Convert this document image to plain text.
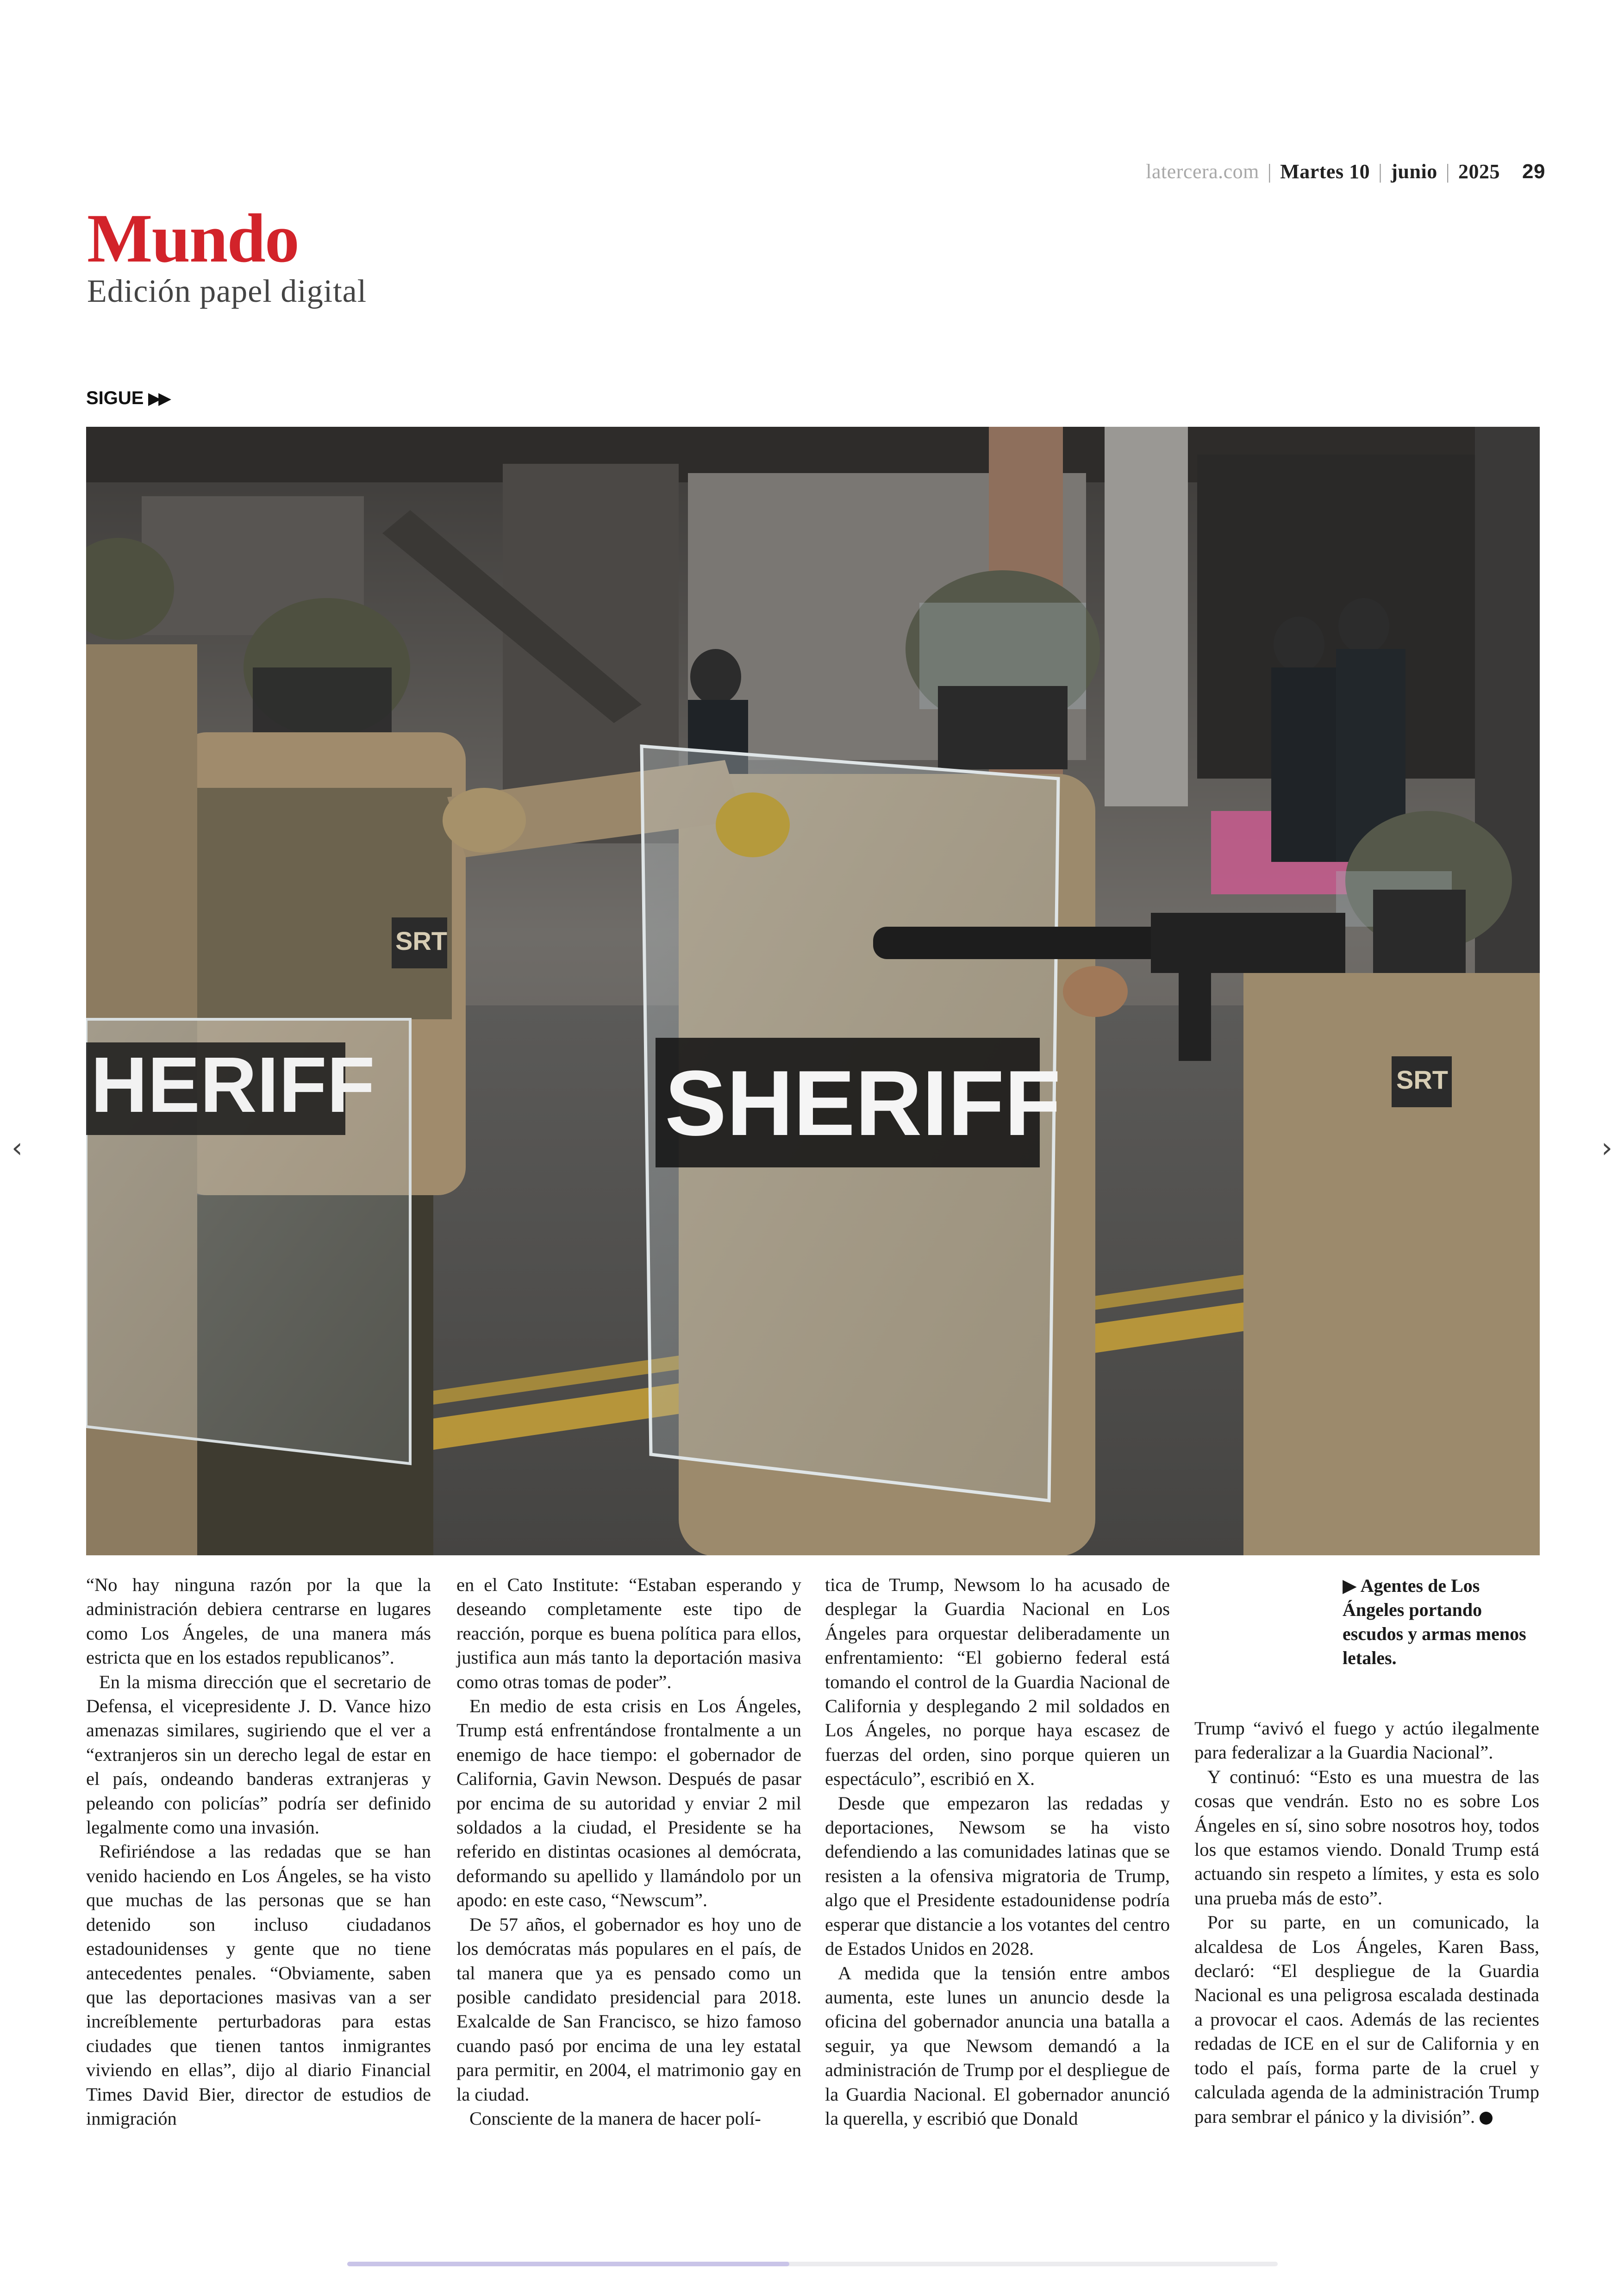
latercera.com | Martes 10 | junio | 2025 29
Mundo
Edición papel digital
SIGUE ▶▶
HERIFF
SRT
SHERIFF	SRT
‹	›

“No hay ninguna razón por la que la administración debiera centrarse en lugares como Los Ángeles, de una manera más estricta que en los estados republicanos”.

En la misma dirección que el secretario de Defensa, el vicepresidente J. D. Vance hizo amenazas similares, sugiriendo que el ver a “extranjeros sin un derecho legal de estar en el país, ondeando banderas extranjeras y peleando con policías” podría ser definido legalmente como una invasión.

Refiriéndose a las redadas que se han venido haciendo en Los Ángeles, se ha visto que muchas de las personas que se han detenido son incluso ciudadanos estadounidenses y gente que no tiene antecedentes penales. “Obviamente, saben que las deportaciones masivas van a ser increíblemente perturbadoras para estas ciudades que tienen tantos inmigrantes viviendo en ellas”, dijo al diario Financial Times David Bier, director de estudios de inmigración

en el Cato Institute: “Estaban esperando y deseando completamente este tipo de reacción, porque es buena política para ellos, justifica aun más tanto la deportación masiva como otras tomas de poder”.

En medio de esta crisis en Los Ángeles, Trump está enfrentándose frontalmente a un enemigo de hace tiempo: el gobernador de California, Gavin Newson. Después de pasar por encima de su autoridad y enviar 2 mil soldados a la ciudad, el Presidente se ha referido en distintas ocasiones al demócrata, deformando su apellido y llamándolo por un apodo: en este caso, “Newscum”.

De 57 años, el gobernador es hoy uno de los demócratas más populares en el país, de tal manera que ya es pensado como un posible candidato presidencial para 2018. Exalcalde de San Francisco, se hizo famoso cuando pasó por encima de una ley estatal para permitir, en 2004, el matrimonio gay en la ciudad.

Consciente de la manera de hacer polí-

tica de Trump, Newsom lo ha acusado de desplegar la Guardia Nacional en Los Ángeles para orquestar deliberadamente un enfrentamiento: “El gobierno federal está tomando el control de la Guardia Nacional de California y desplegando 2 mil soldados en Los Ángeles, no porque haya escasez de fuerzas del orden, sino porque quieren un espectáculo”, escribió en X.

Desde que empezaron las redadas y deportaciones, Newsom se ha visto defendiendo a las comunidades latinas que se resisten a la ofensiva migratoria de Trump, algo que el Presidente estadounidense podría esperar que distancie a los votantes del centro de Estados Unidos en 2028.

A medida que la tensión entre ambos aumenta, este lunes un anuncio desde la oficina del gobernador anuncia una batalla a seguir, ya que Newsom demandó a la administración de Trump por el despliegue de la Guardia Nacional. El gobernador anunció la querella, y escribió que Donald

▶ Agentes de Los Ángeles portando escudos y armas menos letales.

Trump “avivó el fuego y actúo ilegalmente para federalizar a la Guardia Nacional”.

Y continuó: “Esto es una muestra de las cosas que vendrán. Esto no es sobre Los Ángeles en sí, sino sobre nosotros hoy, todos los que estamos viendo. Donald Trump está actuando sin respeto a límites, y esta es solo una prueba más de esto”.

Por su parte, en un comunicado, la alcaldesa de Los Ángeles, Karen Bass, declaró: “El despliegue de la Guardia Nacional es una peligrosa escalada destinada a provocar el caos. Además de las recientes redadas de ICE en el sur de California y en todo el país, forma parte de la cruel y calculada agenda de la administración Trump para sembrar el pánico y la división”.
